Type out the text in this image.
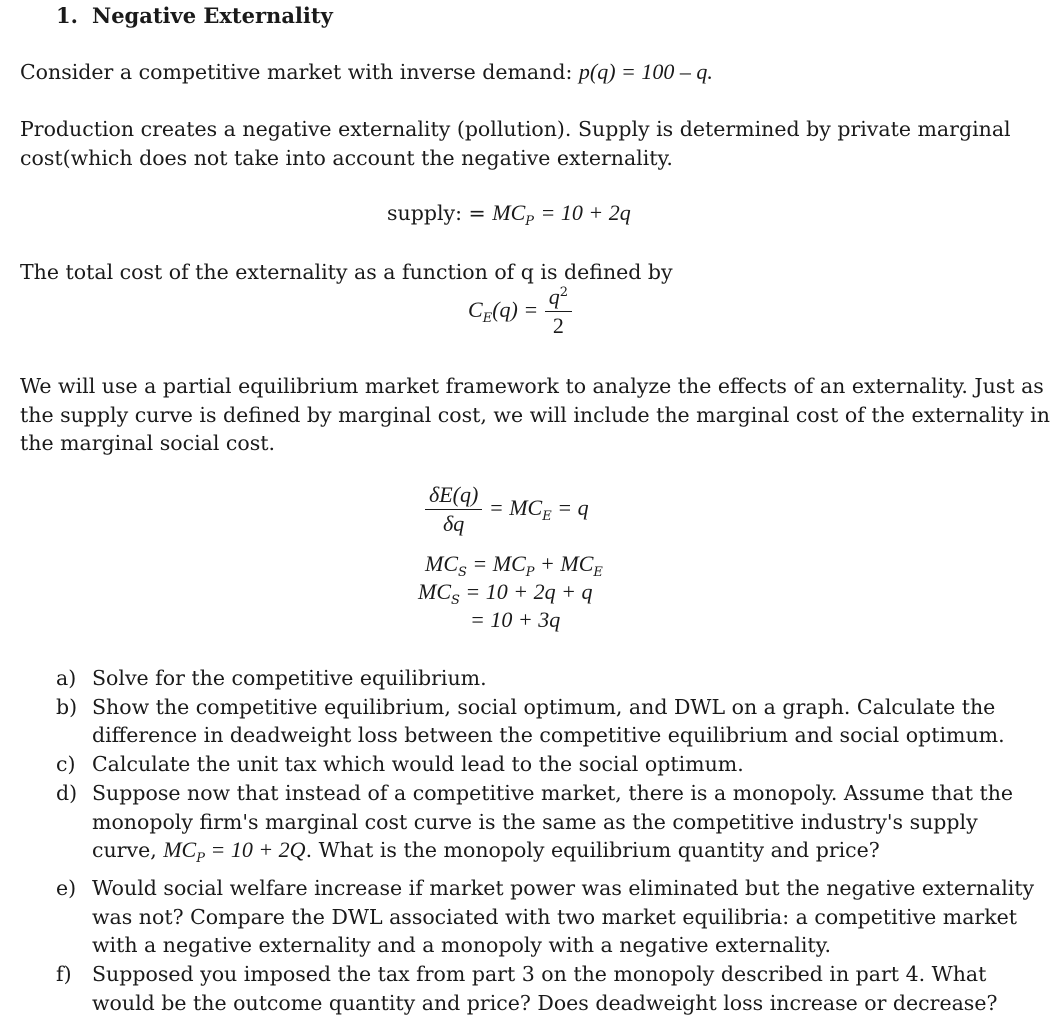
1. Negative Externality
Consider a competitive market with inverse demand: p(q) = 100 – q.
Production creates a negative externality (pollution). Supply is determined by private marginal
cost(which does not take into account the negative externality.
supply: = $MC_P = 10 + 2q$
The total cost of the externality as a function of q is defined by
$C_E(q) = \frac{q^2}{2}$
We will use a partial equilibrium market framework to analyze the effects of an externality. Just as
the supply curve is defined by marginal cost, we will include the marginal cost of the externality in
the marginal social cost.
$\frac{\delta E(q)}{\delta q} = MC_E = q$
$MC_S = MC_P + MC_E$
$MC_S = 10 + 2q + q$
= 10 + 3q
a) Solve for the competitive equilibrium.
b) Show the competitive equilibrium, social optimum, and DWL on a graph. Calculate the difference in deadweight loss between the competitive equilibrium and social optimum.
c) Calculate the unit tax which would lead to the social optimum.
d) Suppose now that instead of a competitive market, there is a monopoly. Assume that the monopoly firm's marginal cost curve is the same as the competitive industry's supply curve, $MC_P = 10 + 2Q$. What is the monopoly equilibrium quantity and price?
e) Would social welfare increase if market power was eliminated but the negative externality was not? Compare the DWL associated with two market equilibria: a competitive market with a negative externality and a monopoly with a negative externality.
f) Supposed you imposed the tax from part 3 on the monopoly described in part 4. What would be the outcome quantity and price? Does deadweight loss increase or decrease?
